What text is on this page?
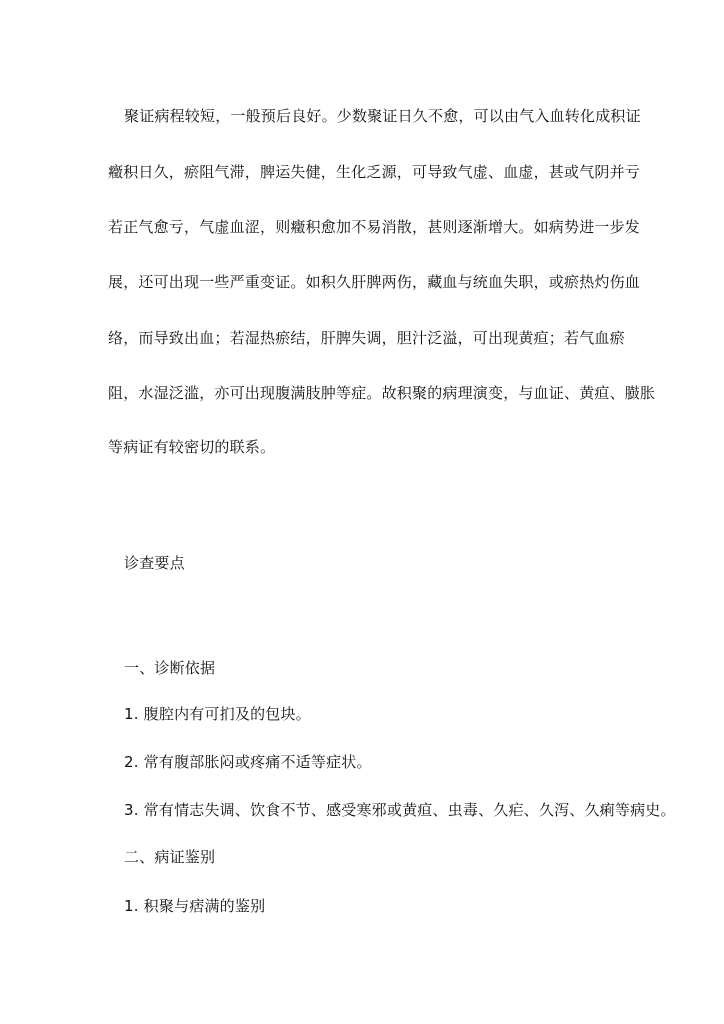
聚证病程较短，一般预后良好。少数聚证日久不愈，可以由气入血转化成积证
癥积日久，瘀阻气滞，脾运失健，生化乏源，可导致气虚、血虚，甚或气阴并亏
若正气愈亏，气虚血涩，则癥积愈加不易消散，甚则逐渐增大。如病势进一步发
展，还可出现一些严重变证。如积久肝脾两伤，藏血与统血失职，或瘀热灼伤血
络，而导致出血；若湿热瘀结，肝脾失调，胆汁泛溢，可出现黄疸；若气血瘀
阻，水湿泛滥，亦可出现腹满肢肿等症。故积聚的病理演变，与血证、黄疸、臌胀
等病证有较密切的联系。
诊查要点
一、诊断依据
1. 腹腔内有可扪及的包块。
2. 常有腹部胀闷或疼痛不适等症状。
3. 常有情志失调、饮食不节、感受寒邪或黄疸、虫毒、久疟、久泻、久痢等病史。
二、病证鉴别
1. 积聚与痞满的鉴别
